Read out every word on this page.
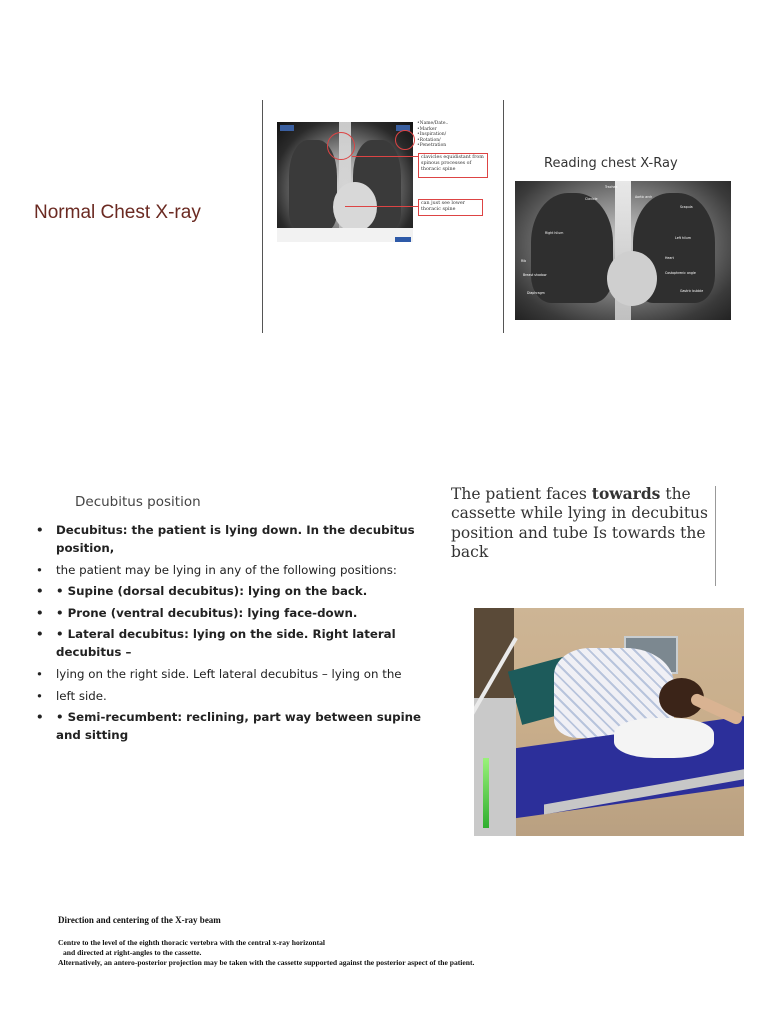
Normal Chest X-ray
•Name/Date..
•Marker
•Inspiration/
•Rotation/
•Penetration
clavicles equidistant from spinous processes of thoracic spine
can just see lower thoracic spine
Reading chest X-Ray
Trachea
Aortic arch
Right hilum
Left hilum
Heart
Costophrenic angle
Diaphragm	Gastric bubble
Clavicle
Rib
Scapula
Breast shadow
Decubitus position
• Decubitus: the patient is lying down. In the decubitus position,
• the patient may be lying in any of the following positions:
• • Supine (dorsal decubitus): lying on the back.
• • Prone (ventral decubitus): lying face-down.
• • Lateral decubitus: lying on the side. Right lateral decubitus –
• lying on the right side. Left lateral decubitus – lying on the
• left side.
• • Semi-recumbent: reclining, part way between supine and sitting
The patient faces towards the cassette while lying in decubitus position and tube Is towards the back
Direction and centering of the X-ray beam
Centre to the level of the eighth thoracic vertebra with the central x-ray horizontal
and directed at right-angles to the cassette.
Alternatively, an antero-posterior projection may be taken with the cassette supported against the posterior aspect of the patient.
